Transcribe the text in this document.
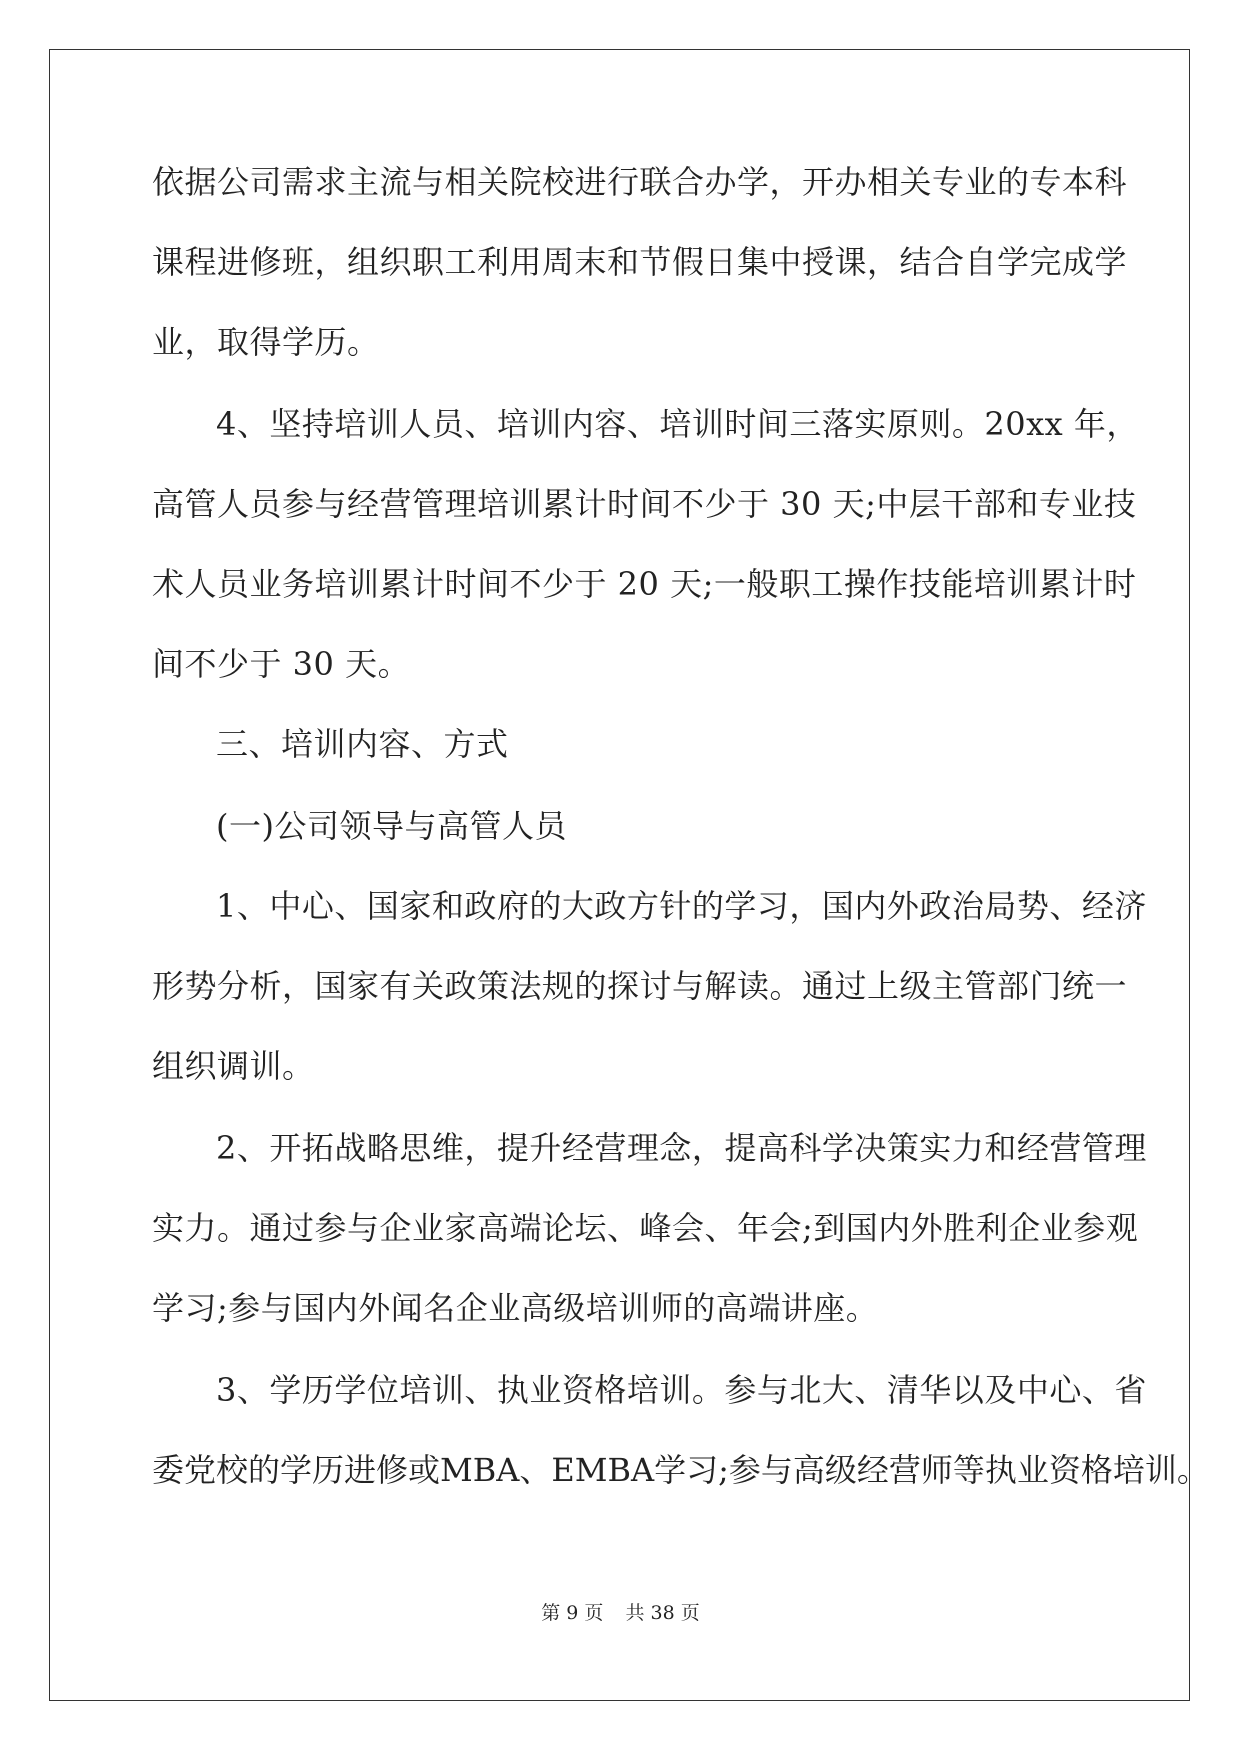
依据公司需求主流与相关院校进行联合办学，开办相关专业的专本科
课程进修班，组织职工利用周末和节假日集中授课，结合自学完成学
业，取得学历。
4、坚持培训人员、培训内容、培训时间三落实原则。20xx 年，
高管人员参与经营管理培训累计时间不少于 30 天;中层干部和专业技
术人员业务培训累计时间不少于 20 天;一般职工操作技能培训累计时
间不少于 30 天。
三、培训内容、方式
(一)公司领导与高管人员
1、中心、国家和政府的大政方针的学习，国内外政治局势、经济
形势分析，国家有关政策法规的探讨与解读。通过上级主管部门统一
组织调训。
2、开拓战略思维，提升经营理念，提高科学决策实力和经营管理
实力。通过参与企业家高端论坛、峰会、年会;到国内外胜利企业参观
学习;参与国内外闻名企业高级培训师的高端讲座。
3、学历学位培训、执业资格培训。参与北大、清华以及中心、省
委党校的学历进修或MBA、EMBA学习;参与高级经营师等执业资格培训。
第 9 页 共 38 页
